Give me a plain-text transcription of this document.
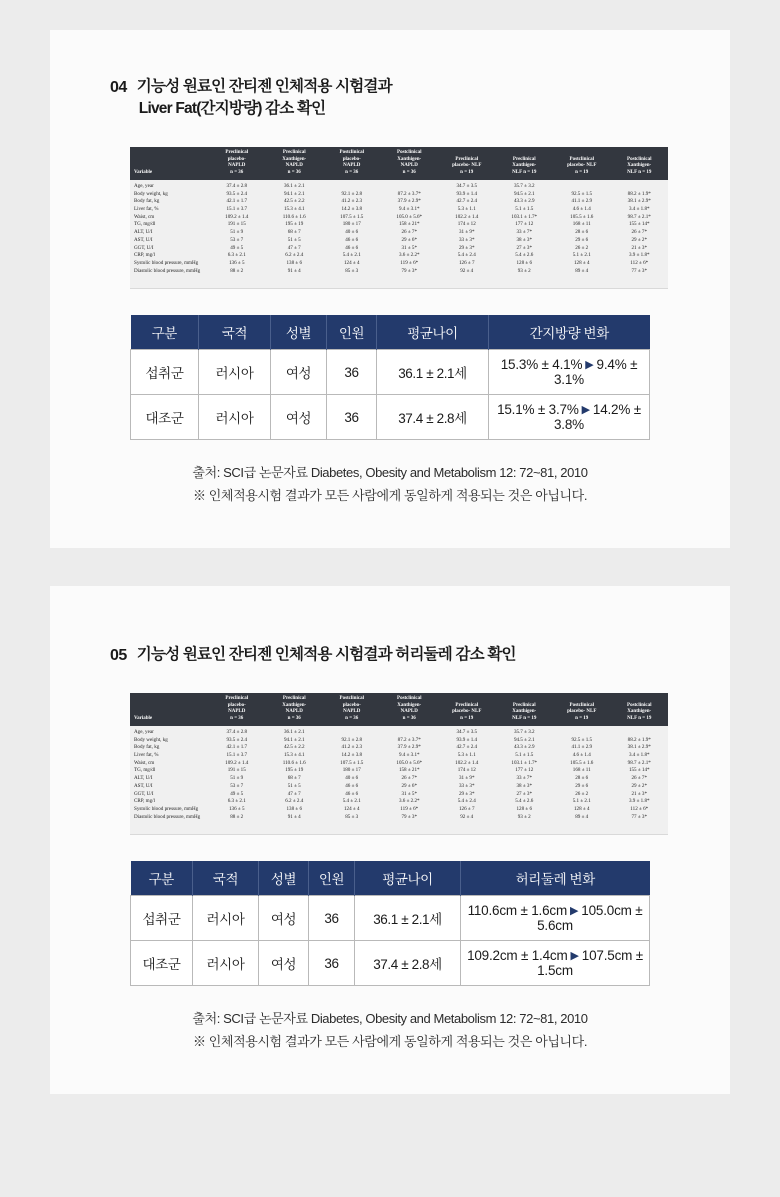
04 기능성 원료인 잔티젠 인체적용 시험결과
Liver Fat(간지방량) 감소 확인
Variable	Preclinical
placebo-
NAPLD
n = 36	Preclinical
Xanthigen-
NAPLD
n = 36	Postclinical
placebo-
NAPLD
n = 36	Postclinical
Xanthigen-
NAPLD
n = 36	Preclinical
placebo- NLF
n = 19	Preclinical
Xanthigen-
NLF n = 19	Postclinical
placebo- NLF
n = 19	Postclinical
Xanthigen-
NLF n = 19
Age, year	37.4 ± 2.8	36.1 ± 2.1			34.7 ± 3.5	35.7 ± 3.2		
Body weight, kg	93.5 ± 2.4	94.1 ± 2.1	92.1 ± 2.8	87.2 ± 3.7*	93.9 ± 1.4	94.5 ± 2.1	92.5 ± 1.5	88.2 ± 1.9*
Body fat, kg	42.1 ± 1.7	42.5 ± 2.2	41.2 ± 2.3	37.9 ± 2.9*	42.7 ± 2.4	43.3 ± 2.9	41.1 ± 2.9	38.1 ± 2.9*
Liver fat, %	15.1 ± 3.7	15.3 ± 4.1	14.2 ± 3.8	9.4 ± 3.1*	5.3 ± 1.1	5.1 ± 1.5	4.6 ± 1.4	3.4 ± 1.8*
Waist, cm	109.2 ± 1.4	110.6 ± 1.6	107.5 ± 1.5	105.0 ± 5.6*	102.2 ± 1.4	103.1 ± 1.7*	105.5 ± 1.6	98.7 ± 2.1*
TG, mg/dl	191 ± 15	195 ± 19	180 ± 17	158 ± 21*	174 ± 12	177 ± 12	168 ± 11	155 ± 14*
ALT, U/I	51 ± 9	68 ± 7	40 ± 6	26 ± 7*	31 ± 9*	33 ± 7*	28 ± 6	26 ± 7*
AST, U/I	53 ± 7	51 ± 5	46 ± 6	29 ± 6*	33 ± 3*	38 ± 3*	29 ± 6	29 ± 2*
GGT, U/I	49 ± 5	47 ± 7	46 ± 6	31 ± 5*	29 ± 3*	27 ± 3*	26 ± 2	21 ± 3*
CRP, mg/l	6.3 ± 2.1	6.2 ± 2.4	5.4 ± 2.1	3.6 ± 2.2*	5.4 ± 2.4	5.4 ± 2.6	5.1 ± 2.1	3.9 ± 1.8*
Systolic blood pressure, mmHg	136 ± 5	138 ± 6	124 ± 4	119 ± 6*	126 ± 7	128 ± 6	128 ± 4	112 ± 6*
Diastolic blood pressure, mmHg	88 ± 2	91 ± 4	85 ± 3	79 ± 3*	92 ± 4	93 ± 2	89 ± 4	77 ± 3*
구분	국적	성별	인원	평균나이	간지방량 변화
섭취군	러시아	여성	36	36.1 ± 2.1세	15.3% ± 4.1% ▶ 9.4% ± 3.1%
대조군	러시아	여성	36	37.4 ± 2.8세	15.1% ± 3.7% ▶ 14.2% ± 3.8%
출처: SCI급 논문자료 Diabetes, Obesity and Metabolism 12: 72~81, 2010
※ 인체적용시험 결과가 모든 사람에게 동일하게 적용되는 것은 아닙니다.
05 기능성 원료인 잔티젠 인체적용 시험결과 허리둘레 감소 확인
Variable	Preclinical
placebo-
NAPLD
n = 36	Preclinical
Xanthigen-
NAPLD
n = 36	Postclinical
placebo-
NAPLD
n = 36	Postclinical
Xanthigen-
NAPLD
n = 36	Preclinical
placebo- NLF
n = 19	Preclinical
Xanthigen-
NLF n = 19	Postclinical
placebo- NLF
n = 19	Postclinical
Xanthigen-
NLF n = 19
Age, year	37.4 ± 2.8	36.1 ± 2.1			34.7 ± 3.5	35.7 ± 3.2		
Body weight, kg	93.5 ± 2.4	94.1 ± 2.1	92.1 ± 2.8	87.2 ± 3.7*	93.9 ± 1.4	94.5 ± 2.1	92.5 ± 1.5	88.2 ± 1.9*
Body fat, kg	42.1 ± 1.7	42.5 ± 2.2	41.2 ± 2.3	37.9 ± 2.9*	42.7 ± 2.4	43.3 ± 2.9	41.1 ± 2.9	38.1 ± 2.9*
Liver fat, %	15.1 ± 3.7	15.3 ± 4.1	14.2 ± 3.8	9.4 ± 3.1*	5.3 ± 1.1	5.1 ± 1.5	4.6 ± 1.4	3.4 ± 1.8*
Waist, cm	109.2 ± 1.4	110.6 ± 1.6	107.5 ± 1.5	105.0 ± 5.6*	102.2 ± 1.4	103.1 ± 1.7*	105.5 ± 1.6	98.7 ± 2.1*
TG, mg/dl	191 ± 15	195 ± 19	180 ± 17	158 ± 21*	174 ± 12	177 ± 12	168 ± 11	155 ± 14*
ALT, U/I	51 ± 9	68 ± 7	40 ± 6	26 ± 7*	31 ± 9*	33 ± 7*	28 ± 6	26 ± 7*
AST, U/I	53 ± 7	51 ± 5	46 ± 6	29 ± 6*	33 ± 3*	38 ± 3*	29 ± 6	29 ± 2*
GGT, U/I	49 ± 5	47 ± 7	46 ± 6	31 ± 5*	29 ± 3*	27 ± 3*	26 ± 2	21 ± 3*
CRP, mg/l	6.3 ± 2.1	6.2 ± 2.4	5.4 ± 2.1	3.6 ± 2.2*	5.4 ± 2.4	5.4 ± 2.6	5.1 ± 2.1	3.9 ± 1.8*
Systolic blood pressure, mmHg	136 ± 5	138 ± 6	124 ± 4	119 ± 6*	126 ± 7	128 ± 6	128 ± 4	112 ± 6*
Diastolic blood pressure, mmHg	88 ± 2	91 ± 4	85 ± 3	79 ± 3*	92 ± 4	93 ± 2	89 ± 4	77 ± 3*
구분	국적	성별	인원	평균나이	허리둘레 변화
섭취군	러시아	여성	36	36.1 ± 2.1세	110.6cm ± 1.6cm ▶ 105.0cm ± 5.6cm
대조군	러시아	여성	36	37.4 ± 2.8세	109.2cm ± 1.4cm ▶ 107.5cm ± 1.5cm
출처: SCI급 논문자료 Diabetes, Obesity and Metabolism 12: 72~81, 2010
※ 인체적용시험 결과가 모든 사람에게 동일하게 적용되는 것은 아닙니다.
